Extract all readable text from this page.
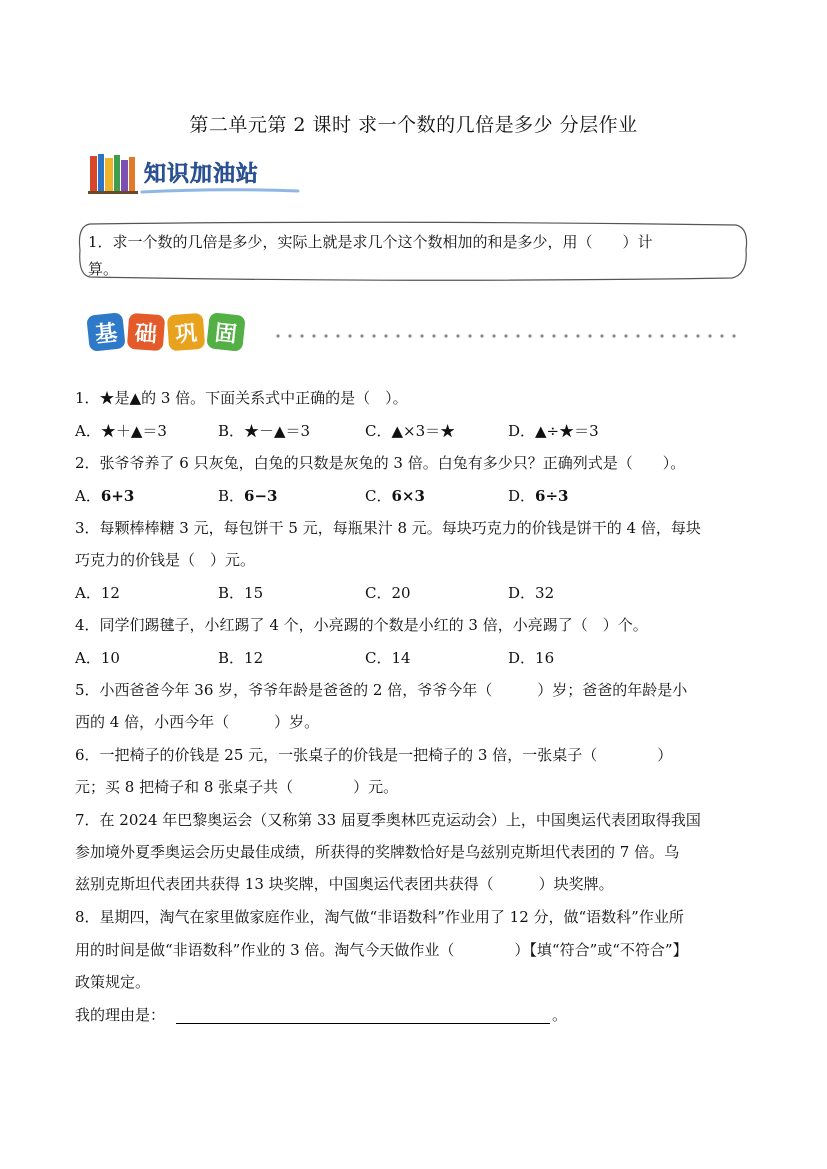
第二单元第 2 课时 求一个数的几倍是多少 分层作业
知识加油站
1．求一个数的几倍是多少，实际上就是求几个这个数相加的和是多少，用（　　）计
算。
基 础 巩 固
1．★是▲的 3 倍。下面关系式中正确的是（　）。
A．★＋▲＝3	B．★－▲＝3	C．▲×3＝★	D．▲÷★＝3
2．张爷爷养了 6 只灰兔，白兔的只数是灰兔的 3 倍。白兔有多少只？正确列式是（　　）。
A．6+3	B．6−3	C．6×3	D．6÷3
3．每颗棒棒糖 3 元，每包饼干 5 元，每瓶果汁 8 元。每块巧克力的价钱是饼干的 4 倍，每块
巧克力的价钱是（　）元。
A．12	B．15	C．20	D．32
4．同学们踢毽子，小红踢了 4 个，小亮踢的个数是小红的 3 倍，小亮踢了（　）个。
A．10	B．12	C．14	D．16
5．小西爸爸今年 36 岁，爷爷年龄是爸爸的 2 倍，爷爷今年（　　　）岁；爸爸的年龄是小
西的 4 倍，小西今年（　　　）岁。
6．一把椅子的价钱是 25 元，一张桌子的价钱是一把椅子的 3 倍，一张桌子（　　　　）
元；买 8 把椅子和 8 张桌子共（　　　　）元。
7．在 2024 年巴黎奥运会（又称第 33 届夏季奥林匹克运动会）上，中国奥运代表团取得我国
参加境外夏季奥运会历史最佳成绩，所获得的奖牌数恰好是乌兹别克斯坦代表团的 7 倍。乌
兹别克斯坦代表团共获得 13 块奖牌，中国奥运代表团共获得（　　　）块奖牌。
8．星期四，淘气在家里做家庭作业，淘气做“非语数科”作业用了 12 分，做“语数科”作业所
用的时间是做“非语数科”作业的 3 倍。淘气今天做作业（　　　　）【填“符合”或“不符合”】
政策规定。
我的理由是：	。
